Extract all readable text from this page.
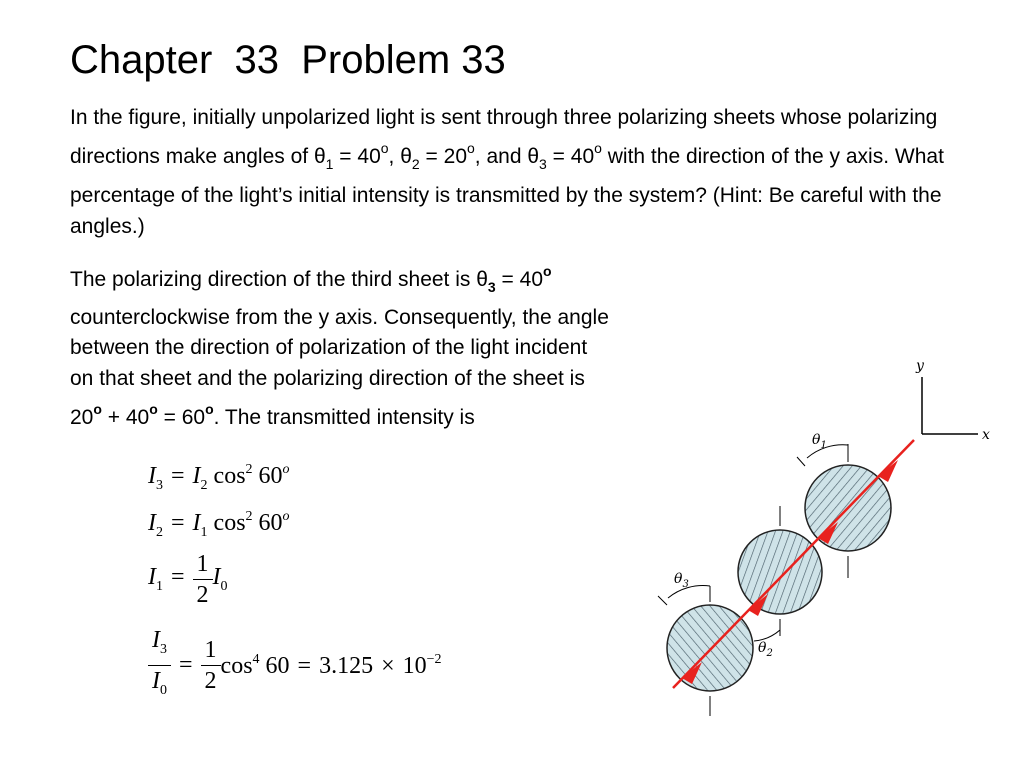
Chapter  33  Problem 33
In the figure, initially unpolarized light is sent through three polarizing sheets whose polarizing directions make angles of $\theta_1 = 40^o$, $\theta_2 = 20^o$, and $\theta_3 = 40^o$ with the direction of the y axis. What percentage of the light’s initial intensity is transmitted by the system? (Hint: Be careful with the angles.)
The polarizing direction of the third sheet is $\theta_3 = 40^o$ counterclockwise from the y axis. Consequently, the angle between the direction of polarization of the light incident on that sheet and the polarizing direction of the sheet is $20^o + 40^o = 60^o$. The transmitted intensity is
$I_3 = I_2$ $\cos^2 60^o$
$I_2 = I_1$ $\cos^2 60^o$
$I_1 = \frac{1}{2} I_0$
$\frac{I_3}{I_0} = \frac{1}{2} \cos^4 60 = 3.125 \times 10^{-2}$
y
x
$\theta_1$
$\theta_3$
$\theta_2$
